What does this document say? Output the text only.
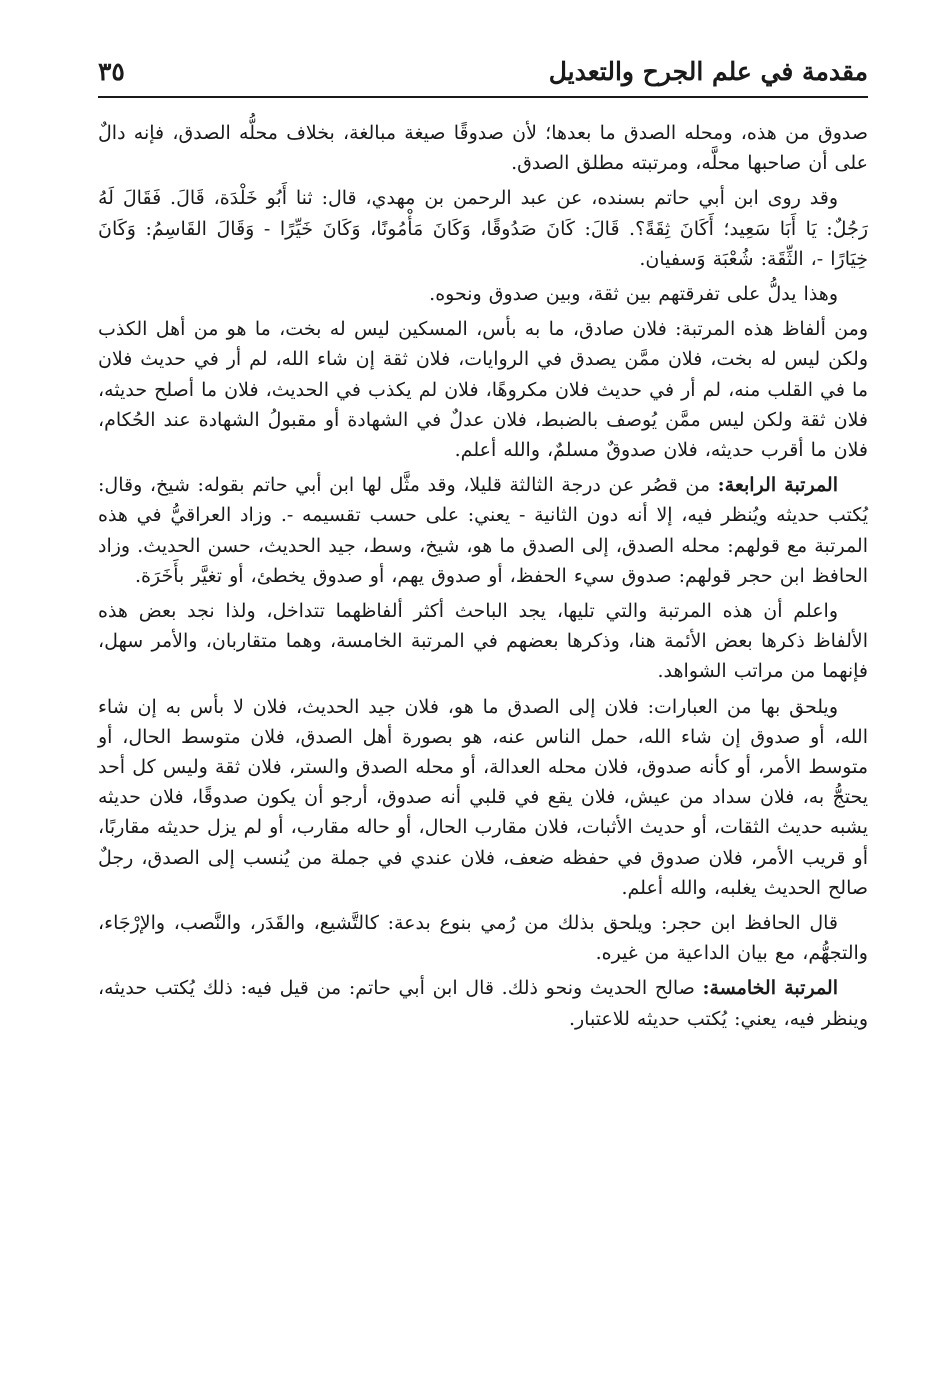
مقدمة في علم الجرح والتعديل
٣٥

صدوق من هذه، ومحله الصدق ما بعدها؛ لأن صدوقًا صيغة مبالغة، بخلاف محلُّه الصدق، فإنه دالٌ على أن صاحبها محلَّه، ومرتبته مطلق الصدق.

وقد روى ابن أبي حاتم بسنده، عن عبد الرحمن بن مهدي، قال: ثنا أَبُو خَلْدَة، قَالَ. فَقَالَ لَهُ رَجُلٌ: يَا أَبَا سَعِيد؛ أَكَانَ ثِقَةً؟. قَالَ: كَانَ صَدُوقًا، وَكَانَ مَأْمُونًا، وَكَانَ خَيِّرًا - وَقَالَ القَاسِمُ: وَكَانَ خِيَارًا -، الثِّقَة: شُعْبَة وَسفيان.

وهذا يدلُّ على تفرقتهم بين ثقة، وبين صدوق ونحوه.

ومن ألفاظ هذه المرتبة: فلان صادق، ما به بأس، المسكين ليس له بخت، ما هو من أهل الكذب ولكن ليس له بخت، فلان ممَّن يصدق في الروايات، فلان ثقة إن شاء الله، لم أر في حديث فلان ما في القلب منه، لم أر في حديث فلان مكروهًا، فلان لم يكذب في الحديث، فلان ما أصلح حديثه، فلان ثقة ولكن ليس ممَّن يُوصف بالضبط، فلان عدلٌ في الشهادة أو مقبولُ الشهادة عند الحُكام، فلان ما أقرب حديثه، فلان صدوقٌ مسلمٌ، والله أعلم.

المرتبة الرابعة: من قصُر عن درجة الثالثة قليلا، وقد مثَّل لها ابن أبي حاتم بقوله: شيخ، وقال: يُكتب حديثه ويُنظر فيه، إلا أنه دون الثانية - يعني: على حسب تقسيمه -. وزاد العراقيُّ في هذه المرتبة مع قولهم: محله الصدق، إلى الصدق ما هو، شيخ، وسط، جيد الحديث، حسن الحديث. وزاد الحافظ ابن حجر قولهم: صدوق سيء الحفظ، أو صدوق يهم، أو صدوق يخطئ، أو تغيَّر بأَخَرَة.

واعلم أن هذه المرتبة والتي تليها، يجد الباحث أكثر ألفاظهما تتداخل، ولذا نجد بعض هذه الألفاظ ذكرها بعض الأئمة هنا، وذكرها بعضهم في المرتبة الخامسة، وهما متقاربان، والأمر سهل، فإنهما من مراتب الشواهد.

ويلحق بها من العبارات: فلان إلى الصدق ما هو، فلان جيد الحديث، فلان لا بأس به إن شاء الله، أو صدوق إن شاء الله، حمل الناس عنه، هو بصورة أهل الصدق، فلان متوسط الحال، أو متوسط الأمر، أو كأنه صدوق، فلان محله العدالة، أو محله الصدق والستر، فلان ثقة وليس كل أحد يحتجُّ به، فلان سداد من عيش، فلان يقع في قلبي أنه صدوق، أرجو أن يكون صدوقًا، فلان حديثه يشبه حديث الثقات، أو حديث الأثبات، فلان مقارب الحال، أو حاله مقارب، أو لم يزل حديثه مقاربًا، أو قريب الأمر، فلان صدوق في حفظه ضعف، فلان عندي في جملة من يُنسب إلى الصدق، رجلٌ صالح الحديث يغلبه، والله أعلم.

قال الحافظ ابن حجر: ويلحق بذلك من رُمي بنوع بدعة: كالتَّشيع، والقَدَر، والنَّصب، والإرْجَاء، والتجهُّم، مع بيان الداعية من غيره.

المرتبة الخامسة: صالح الحديث ونحو ذلك. قال ابن أبي حاتم: من قيل فيه: ذلك يُكتب حديثه، وينظر فيه، يعني: يُكتب حديثه للاعتبار.
